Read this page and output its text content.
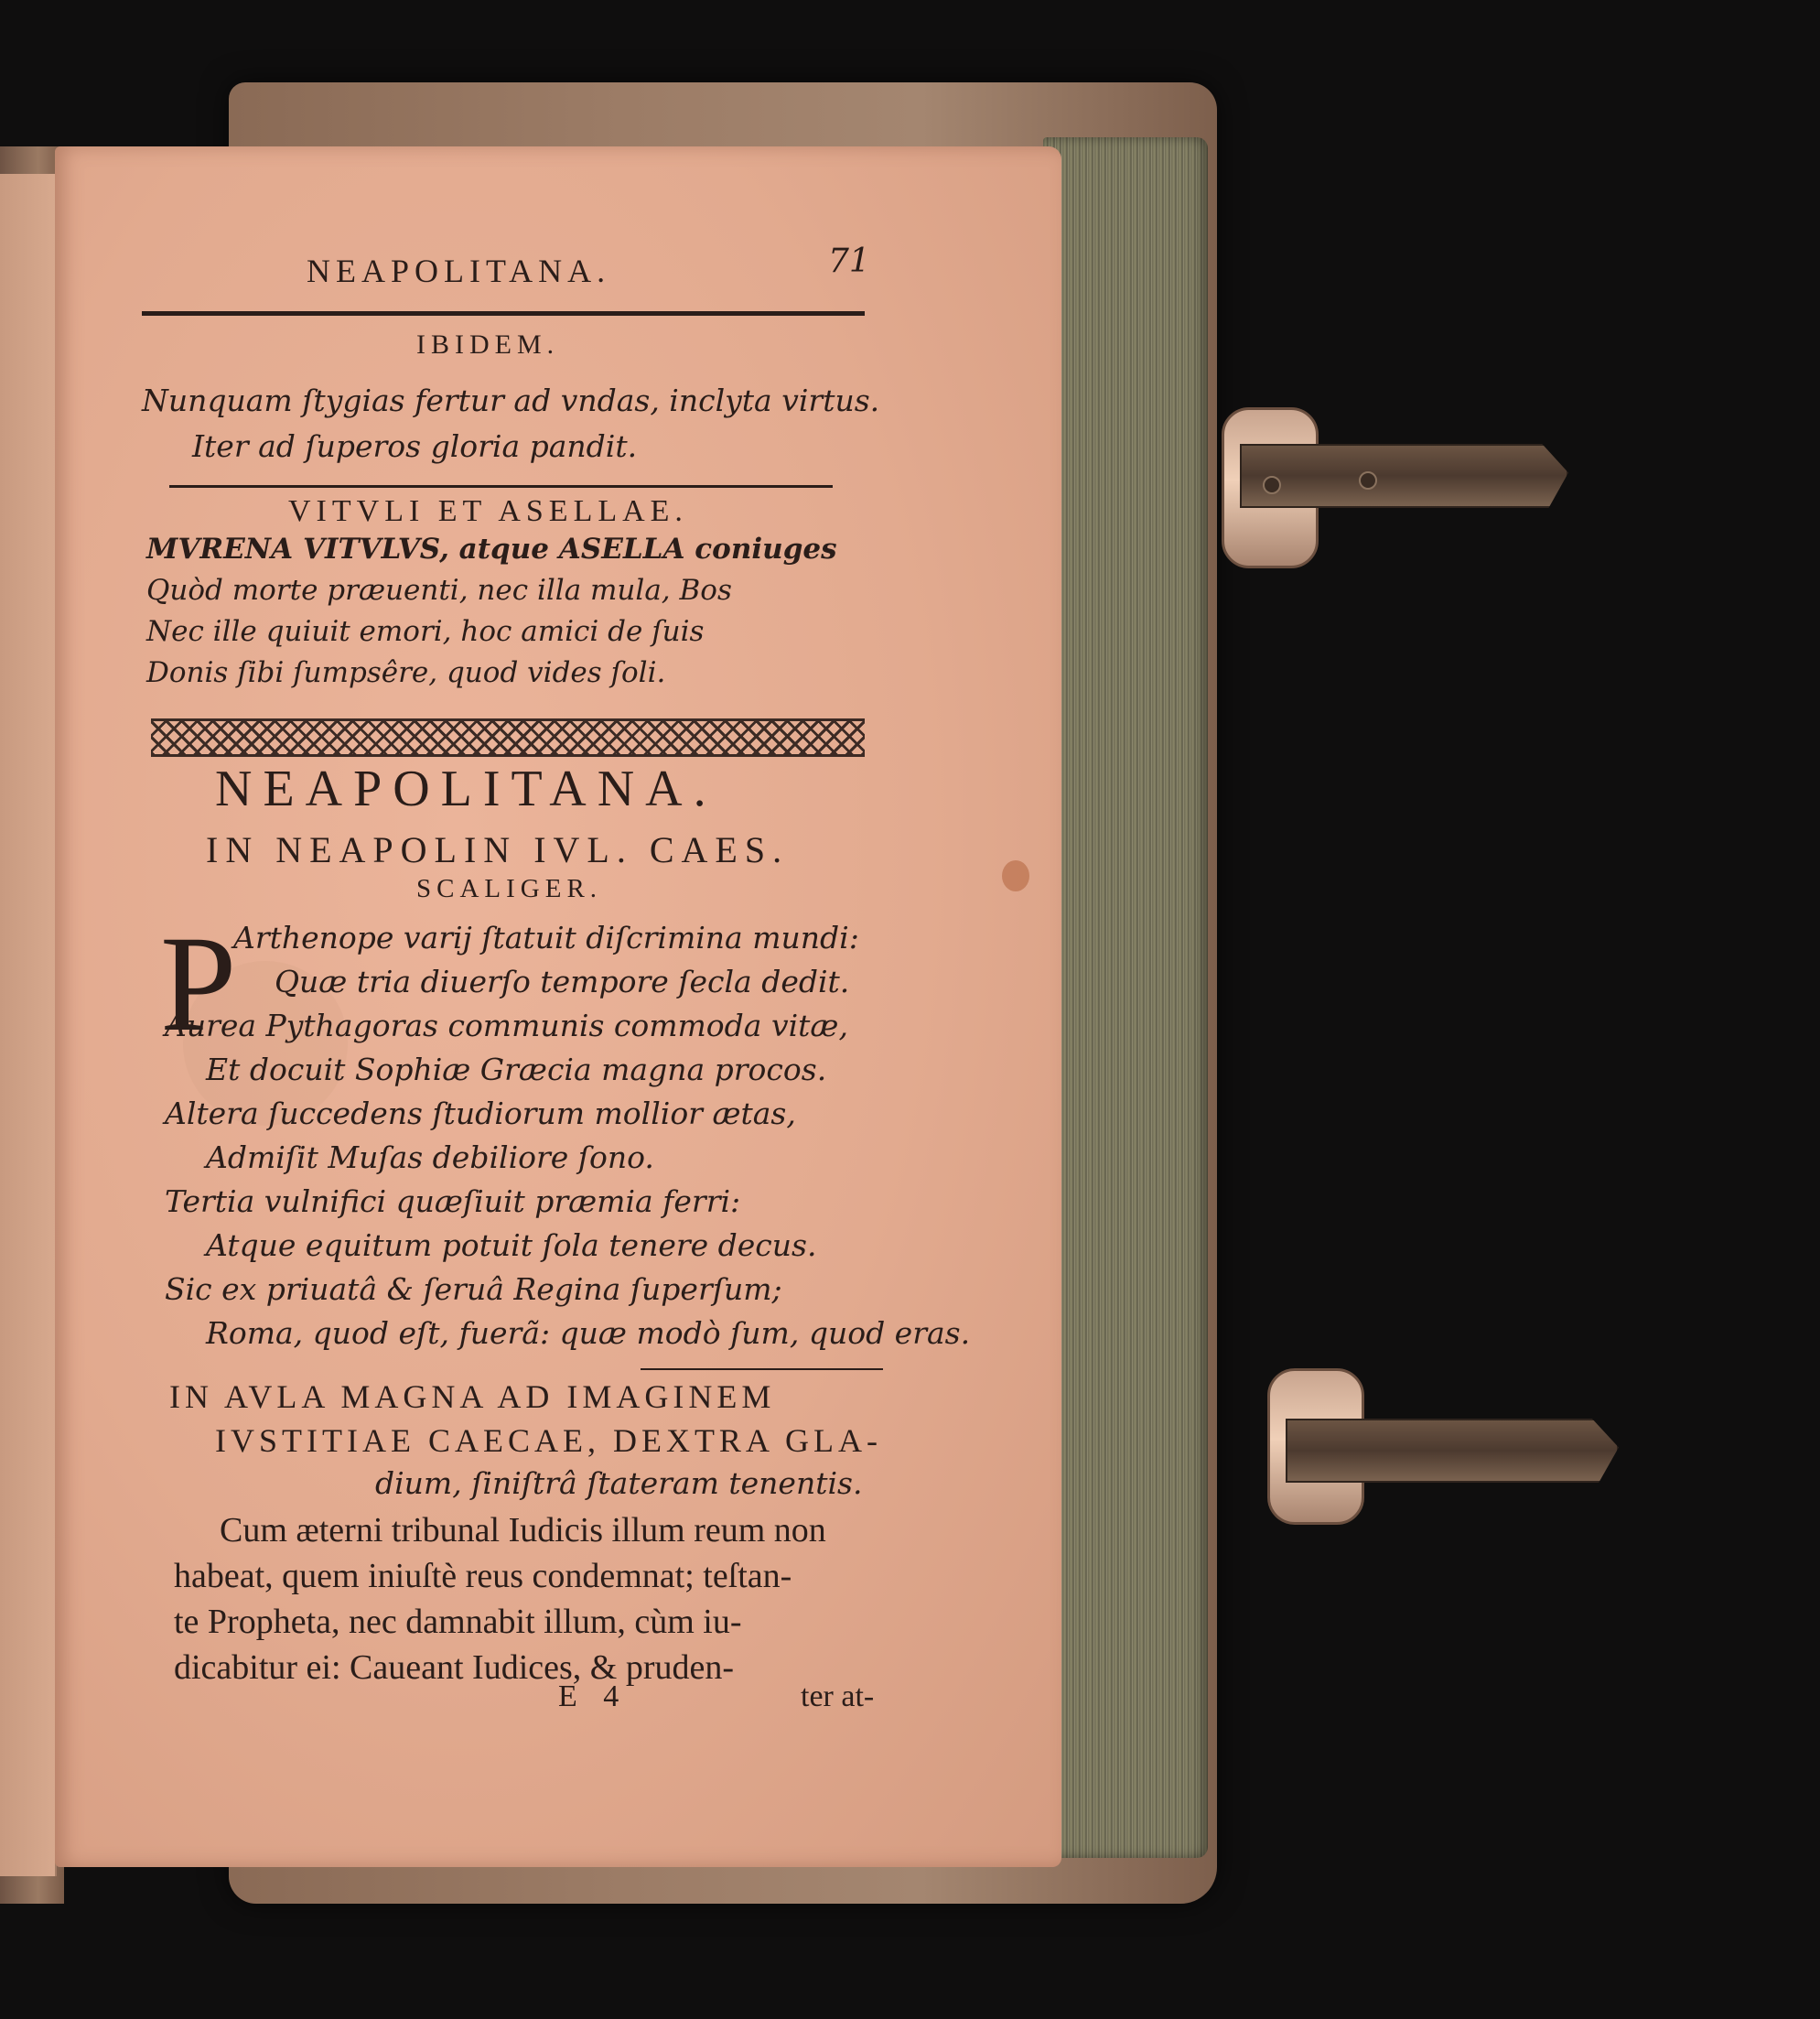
NEAPOLITANA.	71
IBIDEM.
Nunquam ſtygias fertur ad vndas, inclyta virtus.
Iter ad ſuperos gloria pandit.
VITVLI ET ASELLAE.
MVRENA VITVLVS, atque ASELLA coniuges
Quòd morte præuenti, nec illa mula, Bos
Nec ille quiuit emori, hoc amici de ſuis
Donis ſibi ſumpsêre, quod vides ſoli.
NEAPOLITANA.
IN NEAPOLIN IVL. CAES.
SCALIGER.
P
Arthenope varij ſtatuit diſcrimina mundi:
Quæ tria diuerſo tempore ſecla dedit.
Aurea Pythagoras communis commoda vitæ,
Et docuit Sophiæ Græcia magna procos.
Altera ſuccedens ſtudiorum mollior ætas,
Admiſit Muſas debiliore ſono.
Tertia vulnifici quæſiuit præmia ferri:
Atque equitum potuit ſola tenere decus.
Sic ex priuatâ & ſeruâ Regina ſuperſum;
Roma, quod eſt, fuerã: quæ modò ſum, quod eras.
IN AVLA MAGNA AD IMAGINEM
IVSTITIAE CAECAE, DEXTRA GLA-
dium, ſiniſtrâ ſtateram tenentis.
Cum æterni tribunal Iudicis illum reum non
habeat, quem iniuſtè reus condemnat; teſtan-
te Propheta, nec damnabit illum, cùm iu-
dicabitur ei: Caueant Iudices, & pruden-
E 4	ter at-
